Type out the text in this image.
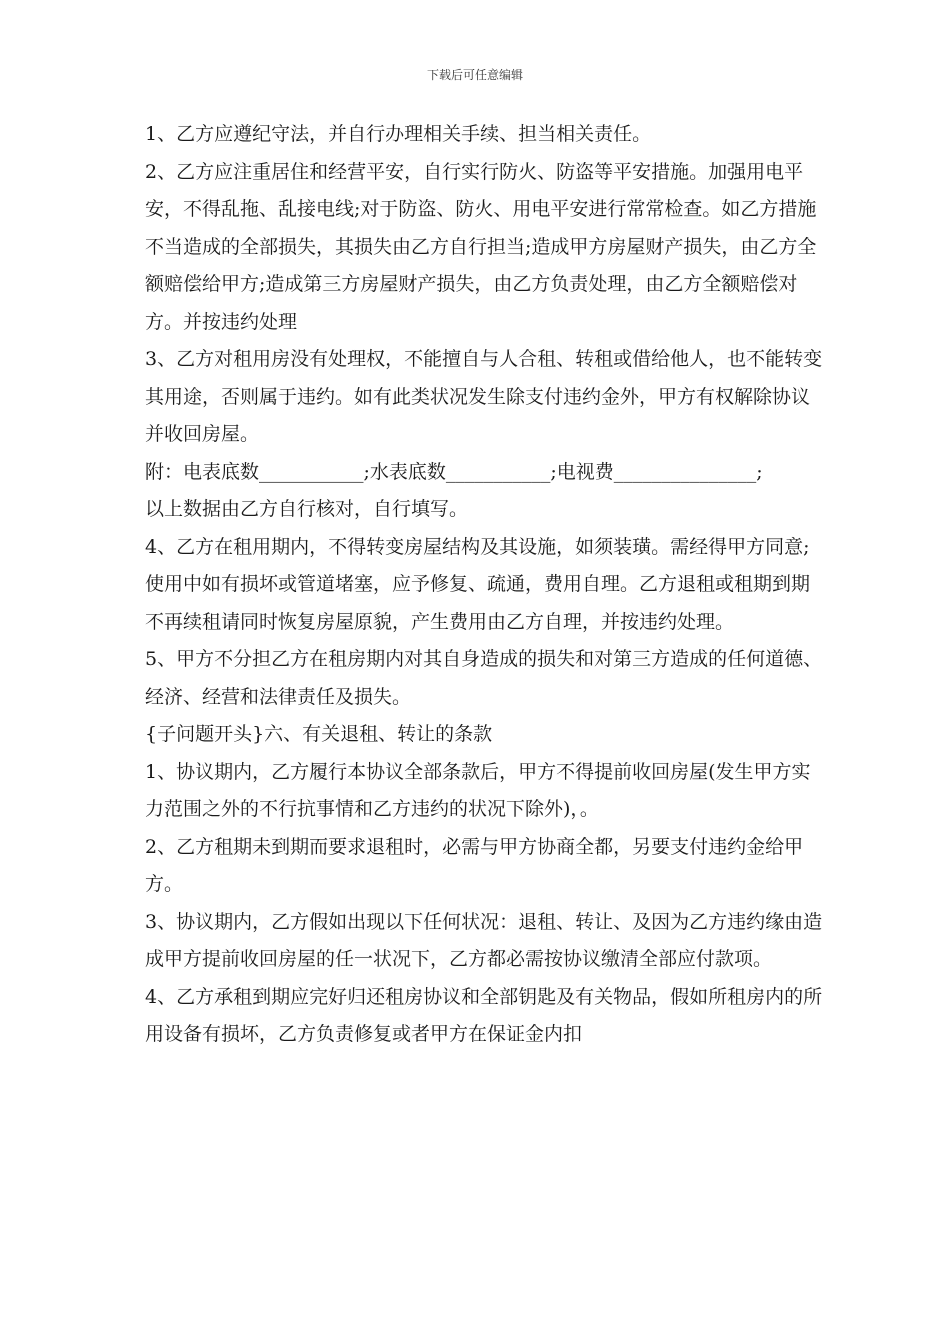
下载后可任意编辑

1、乙方应遵纪守法，并自行办理相关手续、担当相关责任。

2、乙方应注重居住和经营平安，自行实行防火、防盗等平安措施。加强用电平安，不得乱拖、乱接电线;对于防盗、防火、用电平安进行常常检查。如乙方措施不当造成的全部损失，其损失由乙方自行担当;造成甲方房屋财产损失，由乙方全额赔偿给甲方;造成第三方房屋财产损失，由乙方负责处理，由乙方全额赔偿对方。并按违约处理

3、乙方对租用房没有处理权，不能擅自与人合租、转租或借给他人，也不能转变其用途，否则属于违约。如有此类状况发生除支付违约金外，甲方有权解除协议并收回房屋。

附：电表底数___________;水表底数___________;电视费_______________;

以上数据由乙方自行核对，自行填写。

4、乙方在租用期内，不得转变房屋结构及其设施，如须装璜。需经得甲方同意;使用中如有损坏或管道堵塞，应予修复、疏通，费用自理。乙方退租或租期到期不再续租请同时恢复房屋原貌，产生费用由乙方自理，并按违约处理。

5、甲方不分担乙方在租房期内对其自身造成的损失和对第三方造成的任何道德、经济、经营和法律责任及损失。

{子问题开头}六、有关退租、转让的条款

1、协议期内，乙方履行本协议全部条款后，甲方不得提前收回房屋(发生甲方实力范围之外的不行抗事情和乙方违约的状况下除外)，。

2、乙方租期未到期而要求退租时，必需与甲方协商全都，另要支付违约金给甲方。

3、协议期内，乙方假如出现以下任何状况：退租、转让、及因为乙方违约缘由造成甲方提前收回房屋的任一状况下，乙方都必需按协议缴清全部应付款项。

4、乙方承租到期应完好归还租房协议和全部钥匙及有关物品，假如所租房内的所用设备有损坏，乙方负责修复或者甲方在保证金内扣
